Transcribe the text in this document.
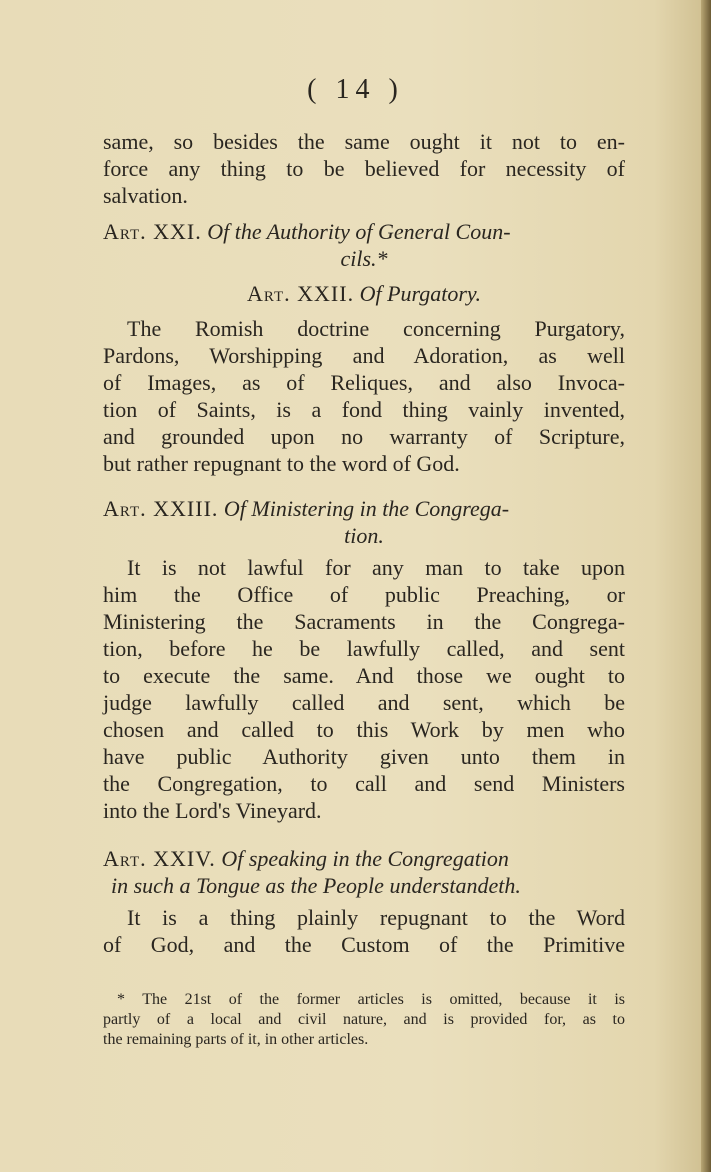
( 14 )
same, so besides the same ought it not to en-
force any thing to be believed for necessity of
salvation.
Art. XXI. Of the Authority of General Coun-
cils.*
Art. XXII. Of Purgatory.
The Romish doctrine concerning Purgatory,
Pardons, Worshipping and Adoration, as well
of Images, as of Reliques, and also Invoca-
tion of Saints, is a fond thing vainly invented,
and grounded upon no warranty of Scripture,
but rather repugnant to the word of God.
Art. XXIII. Of Ministering in the Congrega-
tion.
It is not lawful for any man to take upon
him the Office of public Preaching, or
Ministering the Sacraments in the Congrega-
tion, before he be lawfully called, and sent
to execute the same. And those we ought to
judge lawfully called and sent, which be
chosen and called to this Work by men who
have public Authority given unto them in
the Congregation, to call and send Ministers
into the Lord's Vineyard.
Art. XXIV. Of speaking in the Congregation
in such a Tongue as the People understandeth.
It is a thing plainly repugnant to the Word
of God, and the Custom of the Primitive
* The 21st of the former articles is omitted, because it is
partly of a local and civil nature, and is provided for, as to
the remaining parts of it, in other articles.
